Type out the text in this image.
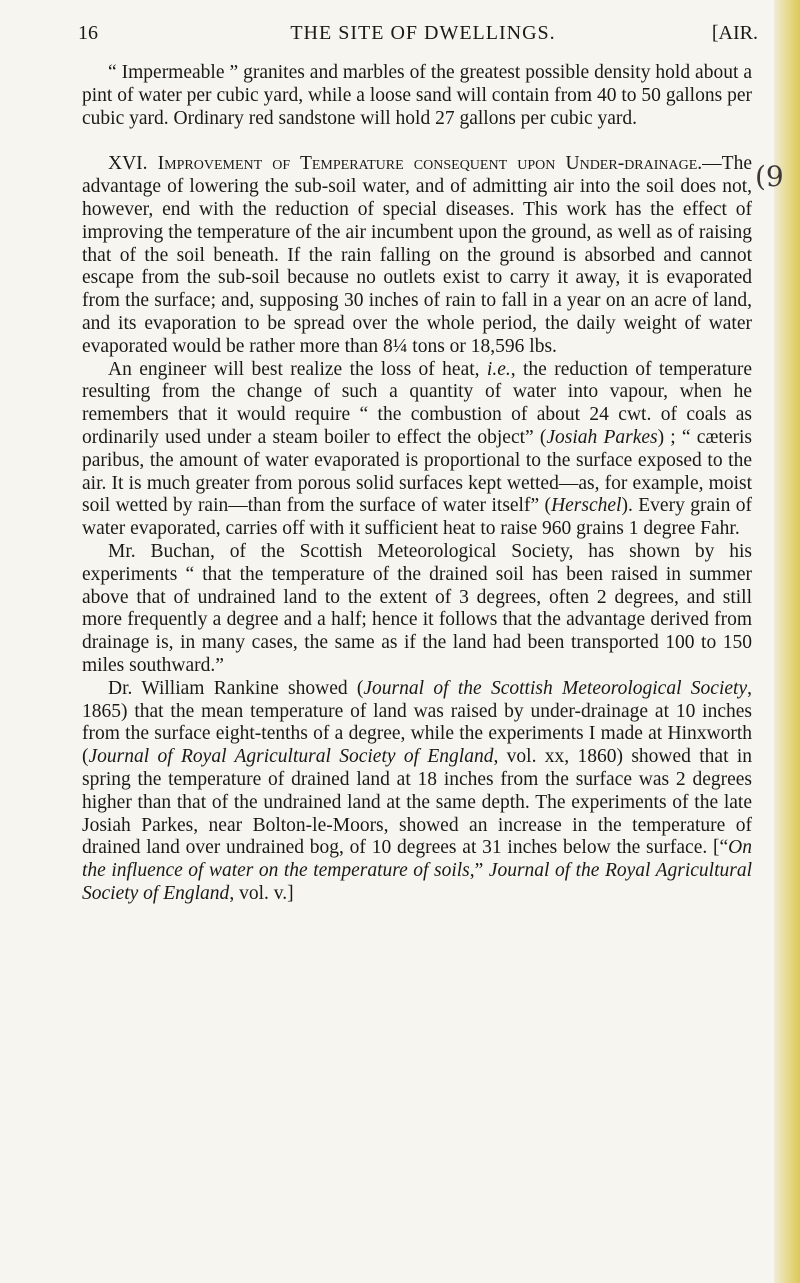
16	THE SITE OF DWELLINGS.	[AIR.
(9

“ Impermeable ” granites and marbles of the greatest possible density hold about a pint of water per cubic yard, while a loose sand will contain from 40 to 50 gallons per cubic yard. Ordinary red sandstone will hold 27 gallons per cubic yard.

XVI. Improvement of Temperature consequent upon Under-drainage.—The advantage of lowering the sub-soil water, and of admitting air into the soil does not, however, end with the reduction of special diseases. This work has the effect of improving the temperature of the air incumbent upon the ground, as well as of raising that of the soil beneath. If the rain falling on the ground is absorbed and cannot escape from the sub-soil because no outlets exist to carry it away, it is evaporated from the surface; and, supposing 30 inches of rain to fall in a year on an acre of land, and its evaporation to be spread over the whole period, the daily weight of water evaporated would be rather more than 8¼ tons or 18,596 lbs.

An engineer will best realize the loss of heat, i.e., the reduction of temperature resulting from the change of such a quantity of water into vapour, when he remembers that it would require “ the combustion of about 24 cwt. of coals as ordinarily used under a steam boiler to effect the object” (Josiah Parkes) ; “ cæteris paribus, the amount of water evaporated is proportional to the surface exposed to the air. It is much greater from porous solid surfaces kept wetted—as, for example, moist soil wetted by rain—than from the surface of water itself” (Herschel). Every grain of water evaporated, carries off with it sufficient heat to raise 960 grains 1 degree Fahr.

Mr. Buchan, of the Scottish Meteorological Society, has shown by his experiments “ that the temperature of the drained soil has been raised in summer above that of undrained land to the extent of 3 degrees, often 2 degrees, and still more frequently a degree and a half; hence it follows that the advantage derived from drainage is, in many cases, the same as if the land had been transported 100 to 150 miles southward.”

Dr. William Rankine showed (Journal of the Scottish Meteorological Society, 1865) that the mean temperature of land was raised by under-drainage at 10 inches from the surface eight-tenths of a degree, while the experiments I made at Hinxworth (Journal of Royal Agricultural Society of England, vol. xx, 1860) showed that in spring the temperature of drained land at 18 inches from the surface was 2 degrees higher than that of the undrained land at the same depth. The experiments of the late Josiah Parkes, near Bolton-le-Moors, showed an increase in the temperature of drained land over undrained bog, of 10 degrees at 31 inches below the surface. [“On the influence of water on the temperature of soils,” Journal of the Royal Agricultural Society of England, vol. v.]
